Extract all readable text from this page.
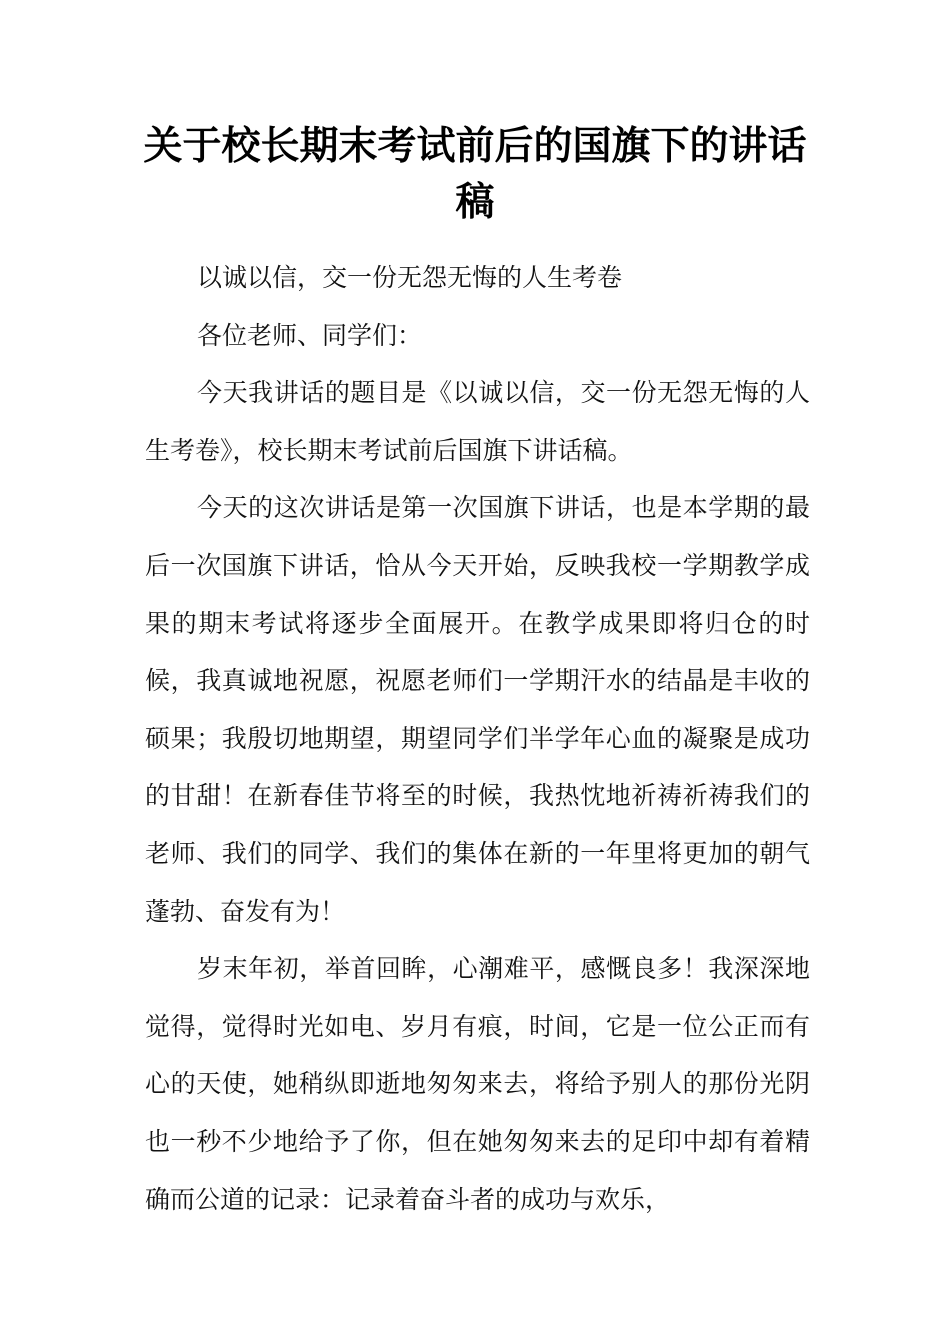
关于校长期末考试前后的国旗下的讲话稿

以诚以信，交一份无怨无悔的人生考卷

各位老师、同学们：

今天我讲话的题目是《以诚以信，交一份无怨无悔的人生考卷》，校长期末考试前后国旗下讲话稿。

今天的这次讲话是第一次国旗下讲话，也是本学期的最后一次国旗下讲话，恰从今天开始，反映我校一学期教学成果的期末考试将逐步全面展开。在教学成果即将归仓的时候，我真诚地祝愿，祝愿老师们一学期汗水的结晶是丰收的硕果；我殷切地期望，期望同学们半学年心血的凝聚是成功的甘甜！在新春佳节将至的时候，我热忱地祈祷祈祷我们的老师、我们的同学、我们的集体在新的一年里将更加的朝气蓬勃、奋发有为！

岁末年初，举首回眸，心潮难平，感慨良多！我深深地觉得，觉得时光如电、岁月有痕，时间，它是一位公正而有心的天使，她稍纵即逝地匆匆来去，将给予别人的那份光阴也一秒不少地给予了你，但在她匆匆来去的足印中却有着精确而公道的记录：记录着奋斗者的成功与欢乐，
